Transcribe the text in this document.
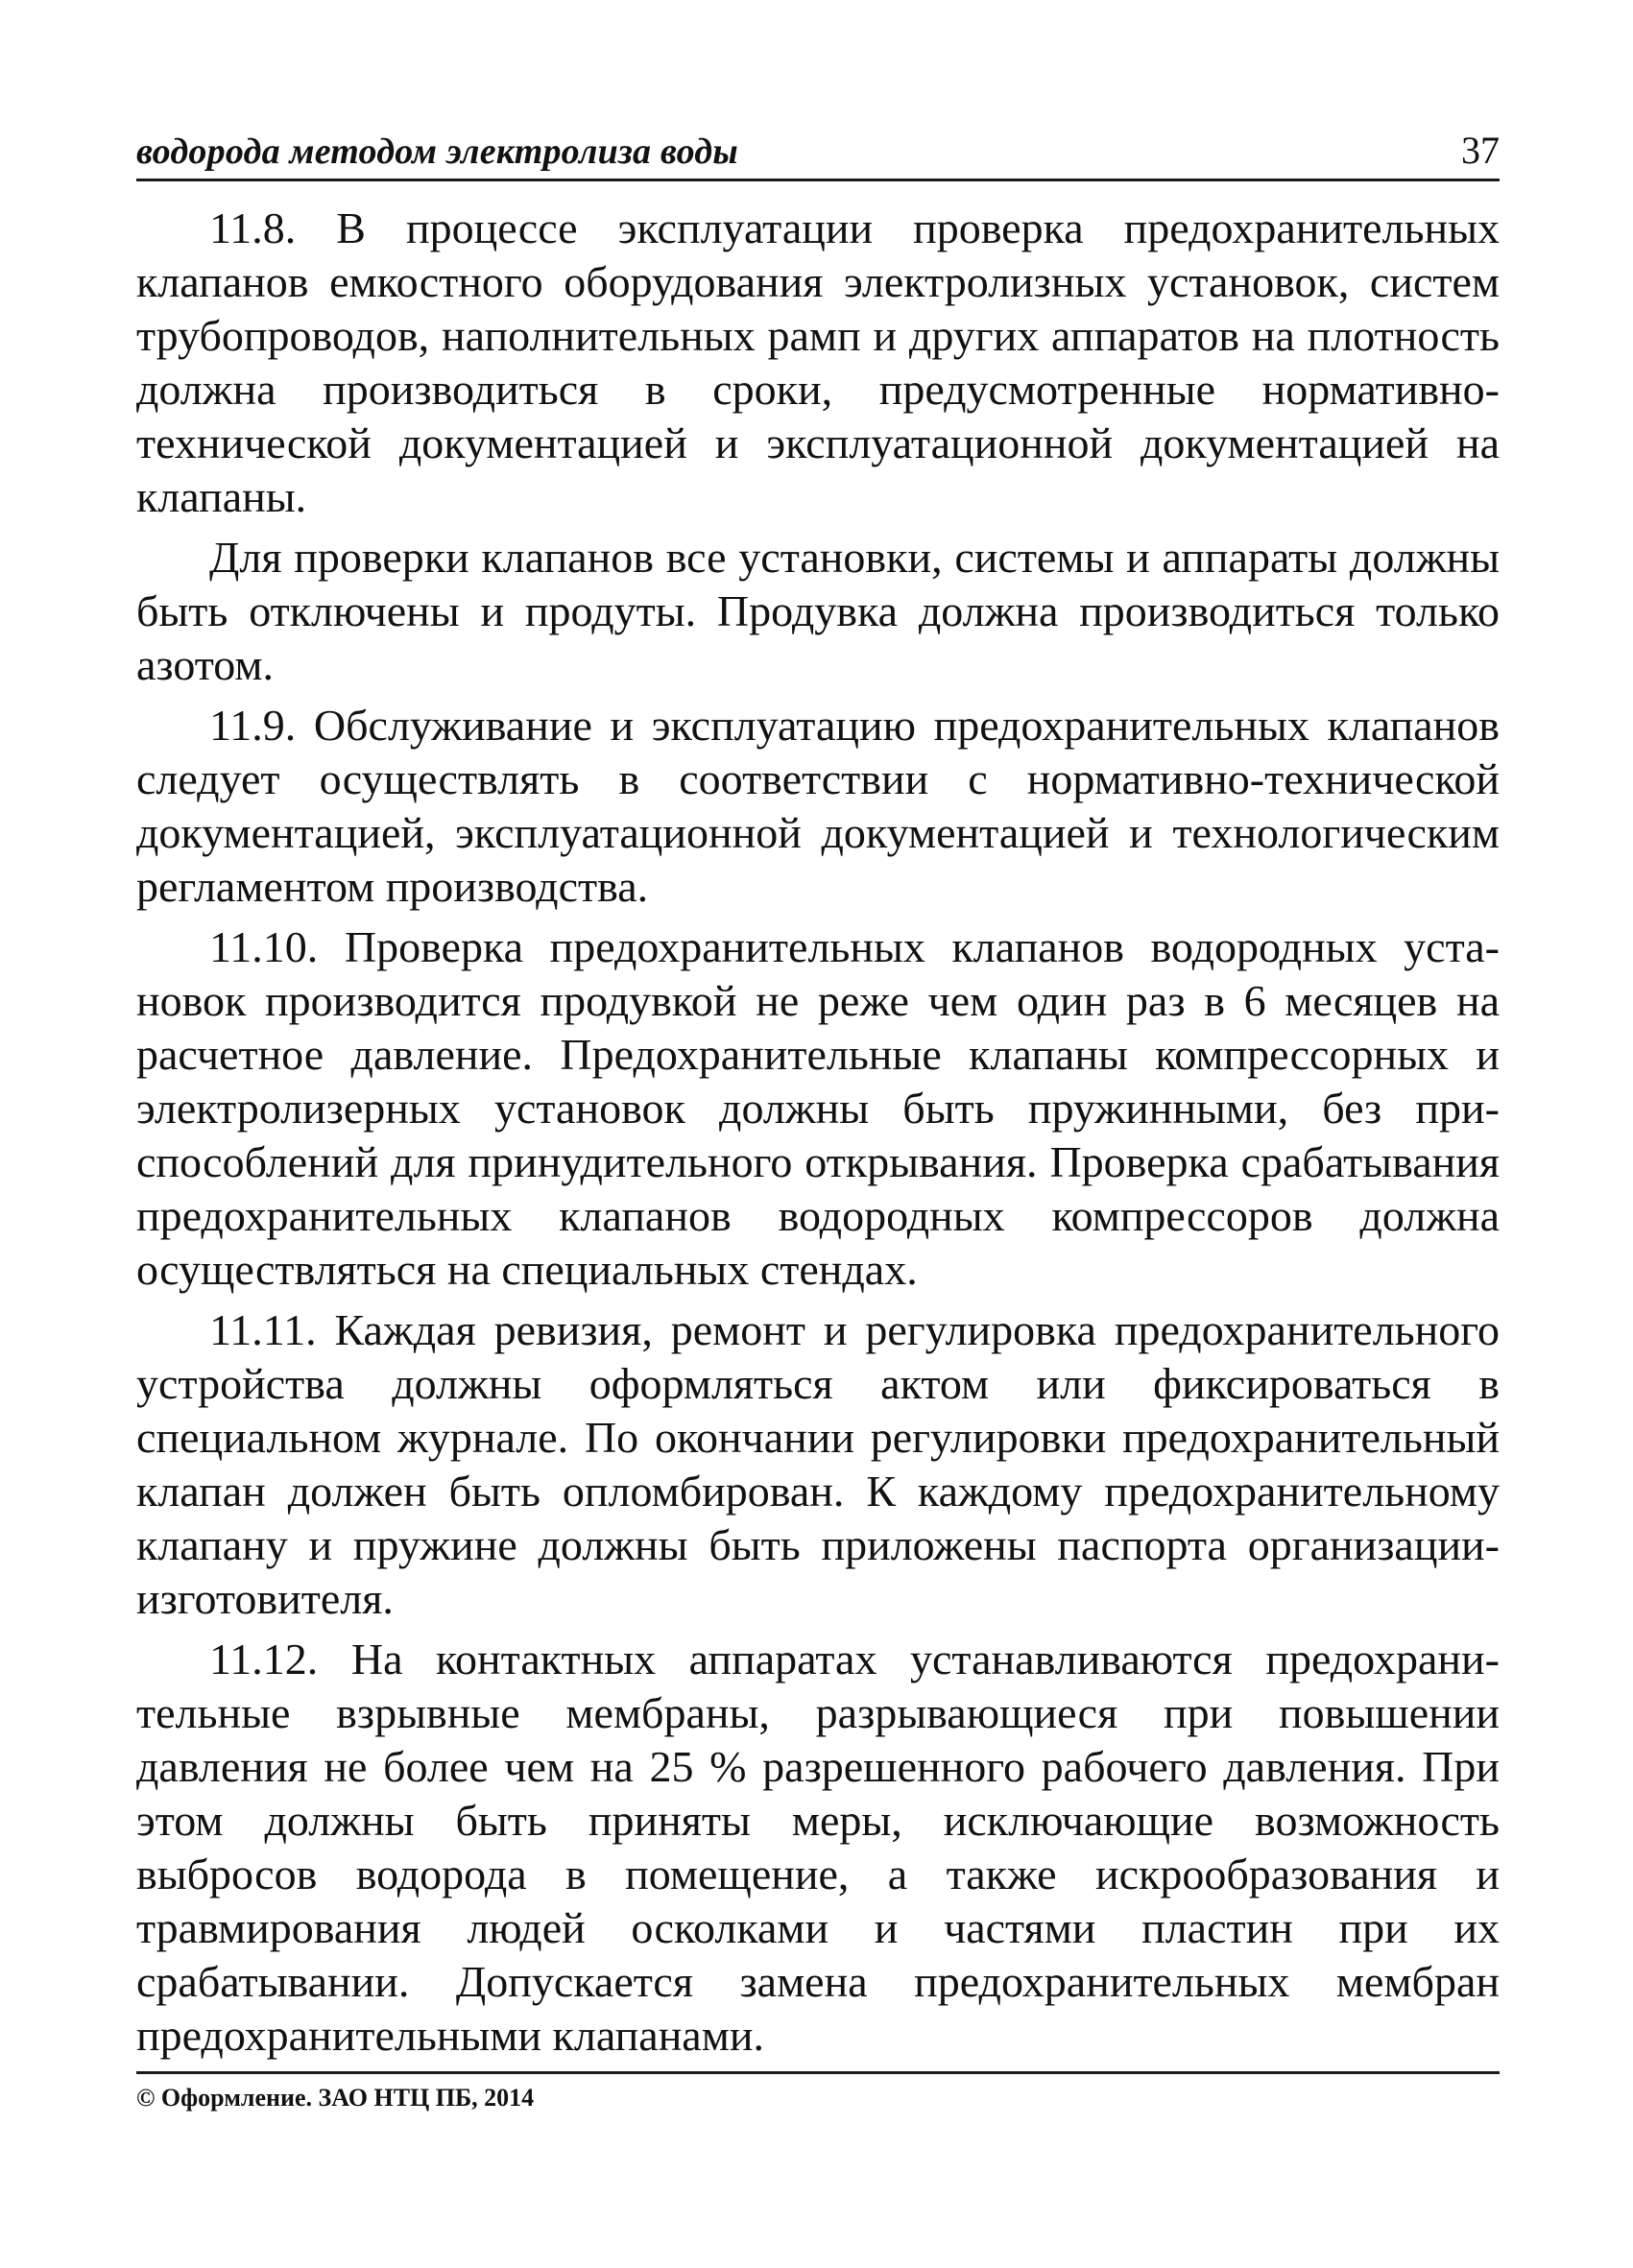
водорода методом электролиза воды	37

11.8. В процессе эксплуатации проверка предохранительных клапанов емкостного оборудования электролизных установок, систем трубопроводов, наполнительных рамп и других аппаратов на плотность должна производиться в сроки, предусмотренные нормативно-технической документацией и эксплуатационной документацией на клапаны.

Для проверки клапанов все установки, системы и аппараты должны быть отключены и продуты. Продувка должна производиться только азотом.

11.9. Обслуживание и эксплуатацию предохранительных клапанов следует осуществлять в соответствии с нормативно-технической документацией, эксплуатационной документацией и технологическим регламентом производства.

11.10. Проверка предохранительных клапанов водородных установок производится продувкой не реже чем один раз в 6 месяцев на расчетное давление. Предохранительные клапаны компрессорных и электролизерных установок должны быть пружинными, без приспособлений для принудительного открывания. Проверка срабатывания предохранительных клапанов водородных компрессоров должна осуществляться на специальных стендах.

11.11. Каждая ревизия, ремонт и регулировка предохранительного устройства должны оформляться актом или фиксироваться в специальном журнале. По окончании регулировки предохранительный клапан должен быть опломбирован. К каждому предохранительному клапану и пружине должны быть приложены паспорта организации-изготовителя.

11.12. На контактных аппаратах устанавливаются предохранительные взрывные мембраны, разрывающиеся при повышении давления не более чем на 25 % разрешенного рабочего давления. При этом должны быть приняты меры, исключающие возможность выбросов водорода в помещение, а также искрообразования и травмирования людей осколками и частями пластин при их срабатывании. Допускается замена предохранительных мембран предохранительными клапанами.

© Оформление. ЗАО НТЦ ПБ, 2014
